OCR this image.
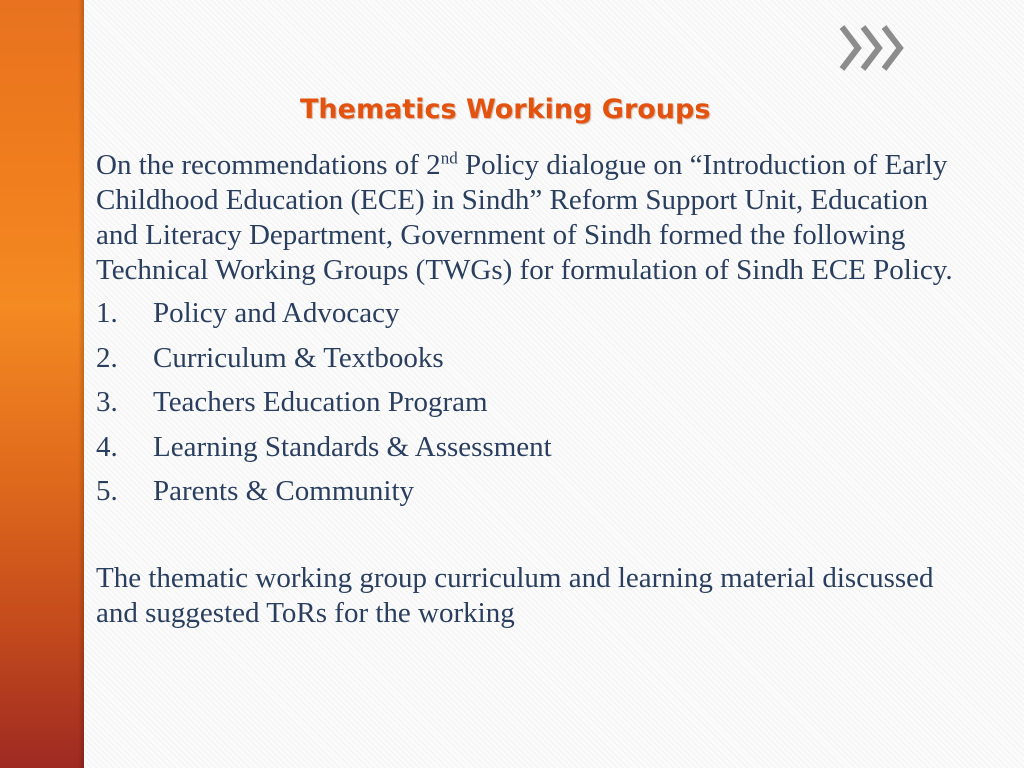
Thematics Working Groups

On the recommendations of 2nd Policy dialogue on “Introduction of Early Childhood Education (ECE) in Sindh” Reform Support Unit, Education and Literacy Department, Government of Sindh formed the following Technical Working Groups (TWGs) for formulation of Sindh ECE Policy.

1.	Policy and Advocacy
2.	Curriculum & Textbooks
3.	Teachers Education Program
4.	Learning Standards & Assessment
5.	Parents & Community

The thematic working group curriculum and learning material discussed and suggested ToRs for the working
